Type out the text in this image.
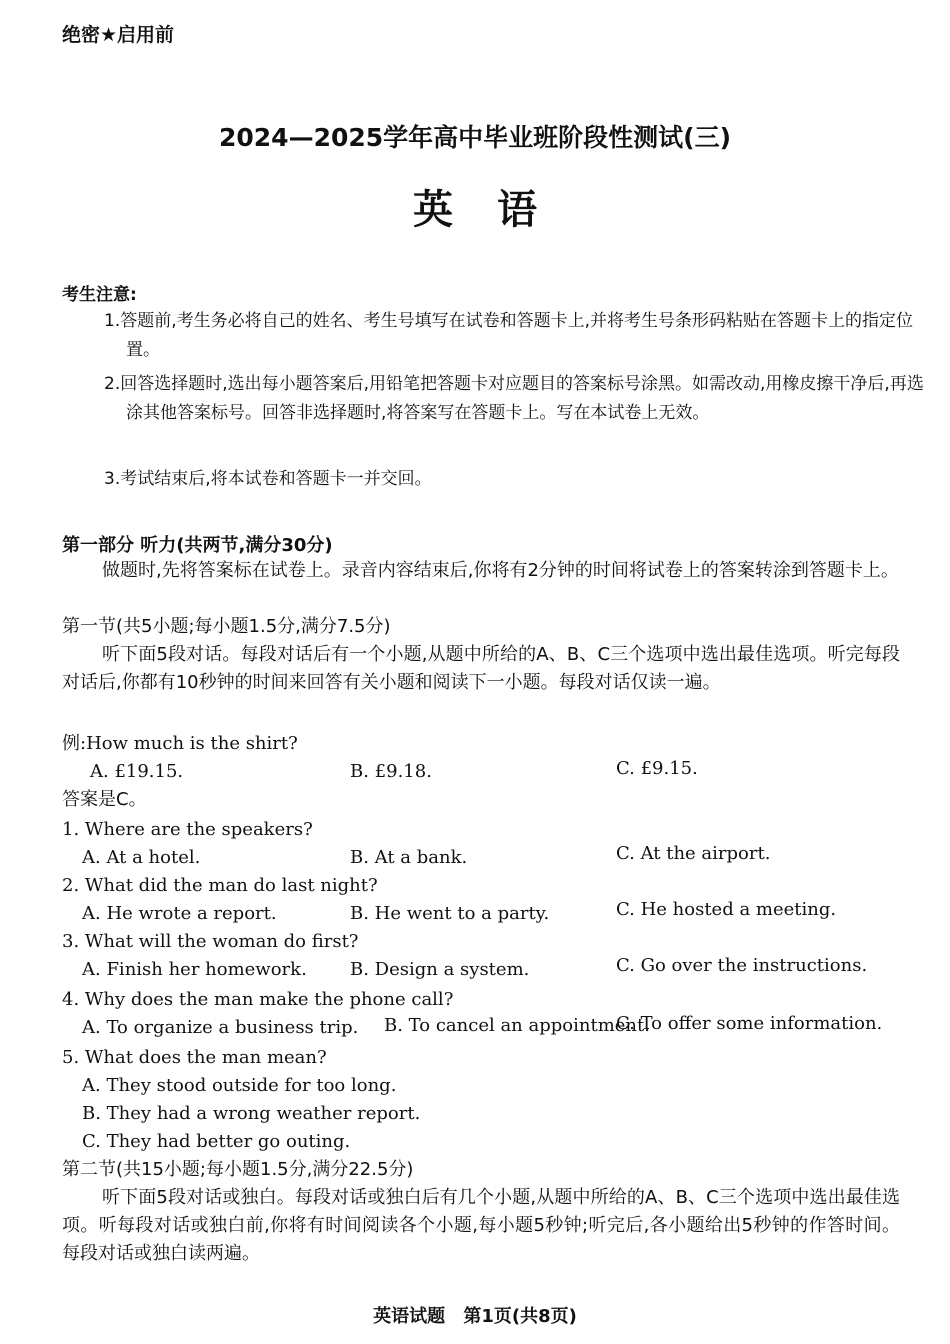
绝密★启用前
2024—2025学年高中毕业班阶段性测试(三)
英语
考生注意:
1.答题前,考生务必将自己的姓名、考生号填写在试卷和答题卡上,并将考生号条形码粘贴在答题卡上的指定位置。
2.回答选择题时,选出每小题答案后,用铅笔把答题卡对应题目的答案标号涂黑。如需改动,用橡皮擦干净后,再选涂其他答案标号。回答非选择题时,将答案写在答题卡上。写在本试卷上无效。
3.考试结束后,将本试卷和答题卡一并交回。
第一部分 听力(共两节,满分30分)
做题时,先将答案标在试卷上。录音内容结束后,你将有2分钟的时间将试卷上的答案转涂到答题卡上。
第一节(共5小题;每小题1.5分,满分7.5分)
听下面5段对话。每段对话后有一个小题,从题中所给的A、B、C三个选项中选出最佳选项。听完每段对话后,你都有10秒钟的时间来回答有关小题和阅读下一小题。每段对话仅读一遍。
例:How much is the shirt?
A. £19.15.	B. £9.18.	C. £9.15.
答案是C。
1. Where are the speakers?
A. At a hotel.	B. At a bank.	C. At the airport.
2. What did the man do last night?
A. He wrote a report.	B. He went to a party.	C. He hosted a meeting.
3. What will the woman do first?
A. Finish her homework. B. Design a system.	C. Go over the instructions.
4. Why does the man make the phone call?
A. To organize a business trip. B. To cancel an appointment.
C. To offer some information.
5. What does the man mean?
A. They stood outside for too long.
B. They had a wrong weather report.
C. They had better go outing.
第二节(共15小题;每小题1.5分,满分22.5分)
听下面5段对话或独白。每段对话或独白后有几个小题,从题中所给的A、B、C三个选项中选出最佳选项。听每段对话或独白前,你将有时间阅读各个小题,每小题5秒钟;听完后,各小题给出5秒钟的作答时间。每段对话或独白读两遍。
英语试题 第1页(共8页)
